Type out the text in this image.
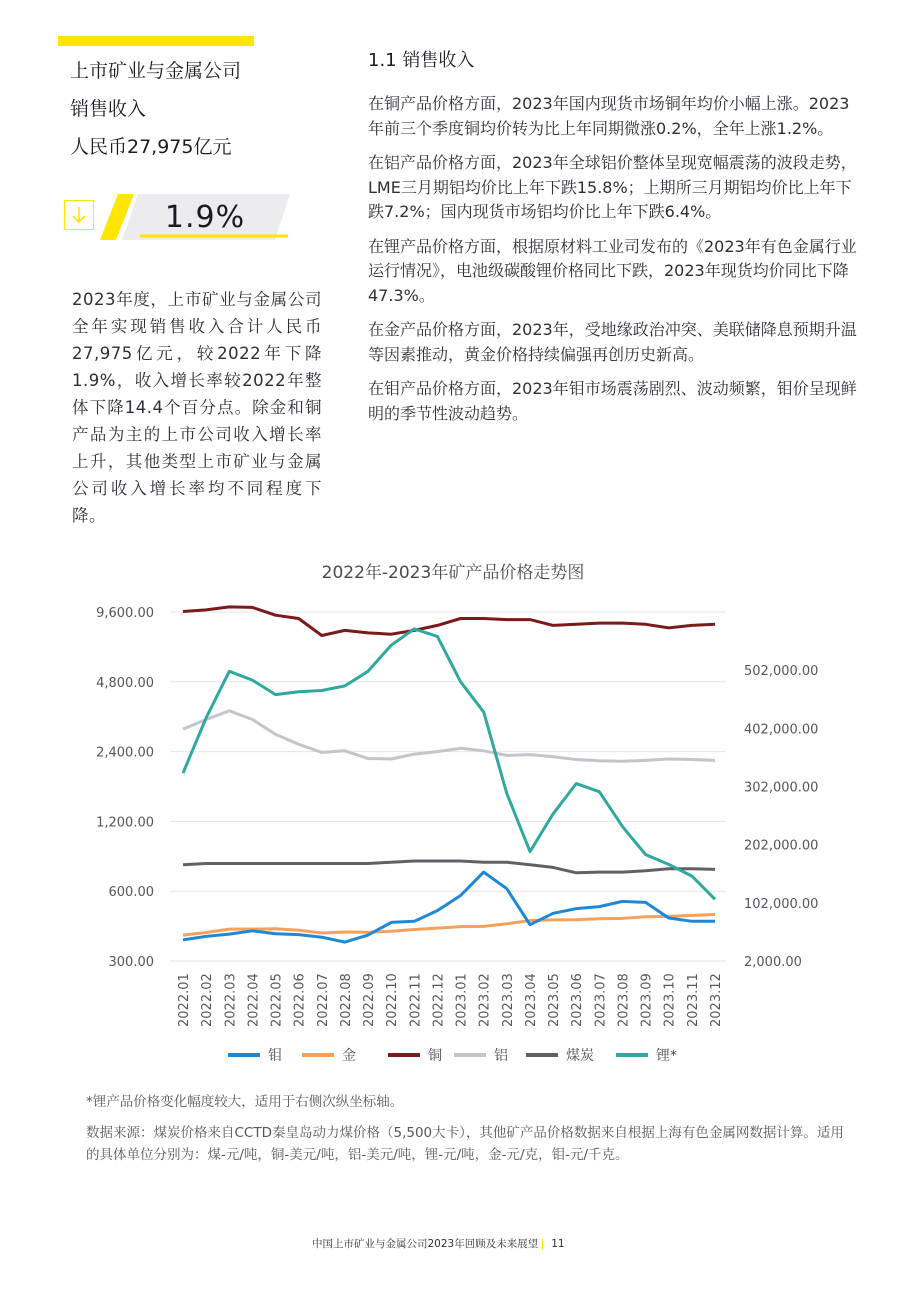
上市矿业与金属公司
销售收入
人民币27,975亿元
1.9%
2023年度，上市矿业与金属公司全年实现销售收入合计人民币27,975亿元，较2022年下降1.9%，收入增长率较2022年整体下降14.4个百分点。除金和铜产品为主的上市公司收入增长率上升，其他类型上市矿业与金属公司收入增长率均不同程度下降。
1.1 销售收入

在铜产品价格方面，2023年国内现货市场铜年均价小幅上涨。2023年前三个季度铜均价转为比上年同期微涨0.2%，全年上涨1.2%。

在铝产品价格方面，2023年全球铝价整体呈现宽幅震荡的波段走势，LME三月期铝均价比上年下跌15.8%；上期所三月期铝均价比上年下跌7.2%；国内现货市场铝均价比上年下跌6.4%。

在锂产品价格方面，根据原材料工业司发布的《2023年有色金属行业运行情况》，电池级碳酸锂价格同比下跌，2023年现货均价同比下降47.3%。

在金产品价格方面，2023年，受地缘政治冲突、美联储降息预期升温等因素推动，黄金价格持续偏强再创历史新高。

在钼产品价格方面，2023年钼市场震荡剧烈、波动频繁，钼价呈现鲜明的季节性波动趋势。

2022年-2023年矿产品价格走势图
300.00
600.00
1,200.00
2,400.00
4,800.00
9,600.00
2,000.00
102,000.00
202,000.00
302,000.00
402,000.00
502,000.00
2022.01 2022.02 2022.03 2022.04 2022.05 2022.06 2022.07 2022.08 2022.09 2022.10 2022.11 2022.12 2023.01 2023.02 2023.03 2023.04 2023.05 2023.06 2023.07 2023.08 2023.09 2023.10 2023.11 2023.12
钼	金	铜	铝	煤炭	锂*
*锂产品价格变化幅度较大，适用于右侧次纵坐标轴。
数据来源：煤炭价格来自CCTD秦皇岛动力煤价格（5,500大卡），其他矿产品价格数据来自根据上海有色金属网数据计算。适用的具体单位分别为：煤-元/吨，铜-美元/吨，铝-美元/吨，锂-元/吨，金-元/克，钼-元/千克。
中国上市矿业与金属公司2023年回顾及未来展望 11
